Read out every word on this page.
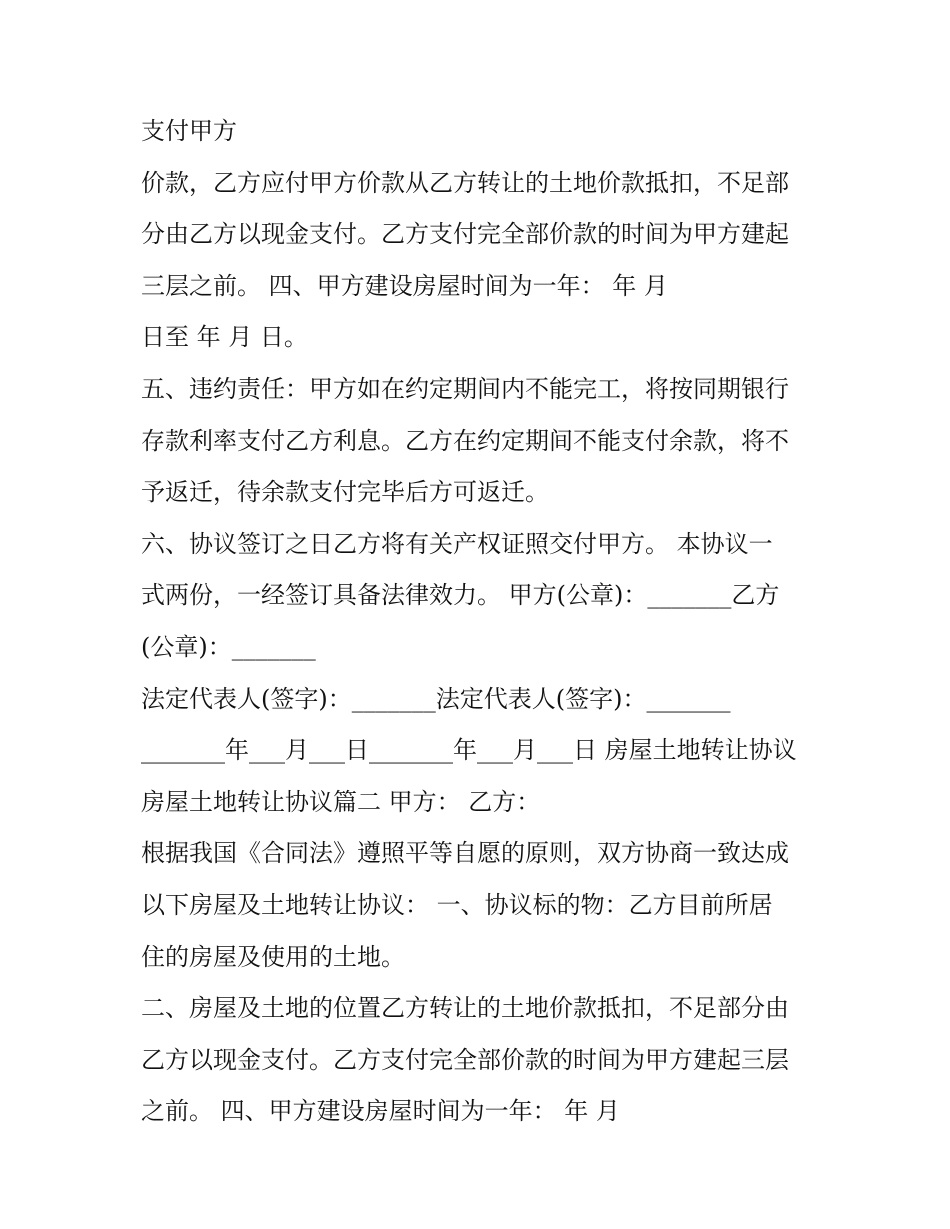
支付甲方
价款，乙方应付甲方价款从乙方转让的土地价款抵扣，不足部
分由乙方以现金支付。乙方支付完全部价款的时间为甲方建起
三层之前。 四、甲方建设房屋时间为一年： 年 月
日至 年 月 日。
五、违约责任：甲方如在约定期间内不能完工，将按同期银行
存款利率支付乙方利息。乙方在约定期间不能支付余款，将不
予返迁，待余款支付完毕后方可返迁。
六、协议签订之日乙方将有关产权证照交付甲方。 本协议一
式两份，一经签订具备法律效力。 甲方(公章)：_______乙方
(公章)：_______
法定代表人(签字)：_______法定代表人(签字)：_______
_______年___月___日_______年___月___日 房屋土地转让协议
房屋土地转让协议篇二 甲方： 乙方：
根据我国《合同法》遵照平等自愿的原则，双方协商一致达成
以下房屋及土地转让协议： 一、协议标的物：乙方目前所居
住的房屋及使用的土地。
二、房屋及土地的位置乙方转让的土地价款抵扣，不足部分由
乙方以现金支付。乙方支付完全部价款的时间为甲方建起三层
之前。 四、甲方建设房屋时间为一年： 年 月
